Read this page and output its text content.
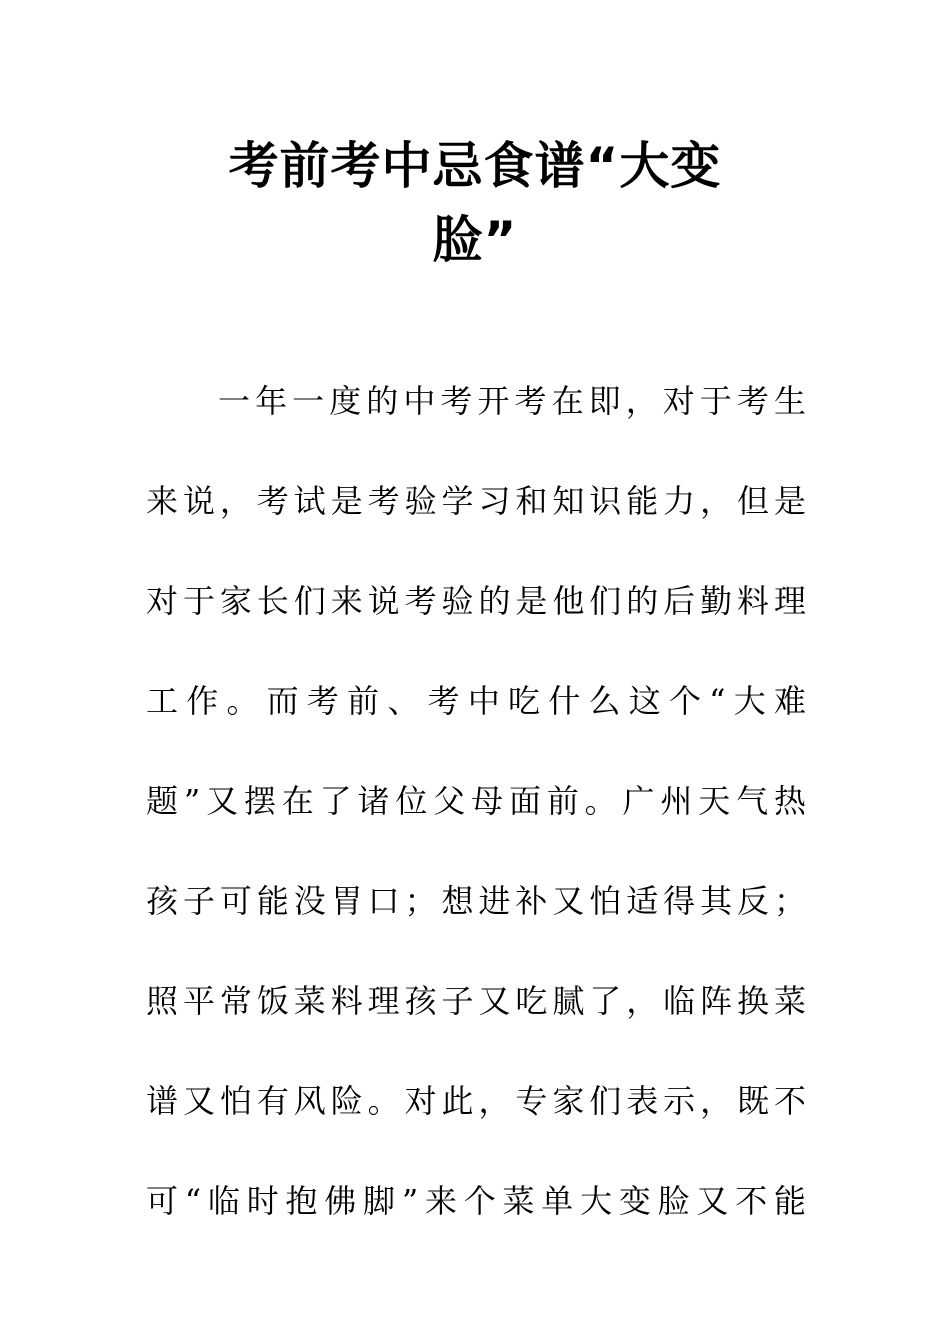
考前考中忌食谱“大变
脸”
一年一度的中考开考在即，对于考生
来说，考试是考验学习和知识能力，但是
对于家长们来说考验的是他们的后勤料理
工作。而考前、考中吃什么这个“大难
题”又摆在了诸位父母面前。广州天气热
孩子可能没胃口；想进补又怕适得其反；
照平常饭菜料理孩子又吃腻了，临阵换菜
谱又怕有风险。对此，专家们表示，既不
可“临时抱佛脚”来个菜单大变脸又不能
